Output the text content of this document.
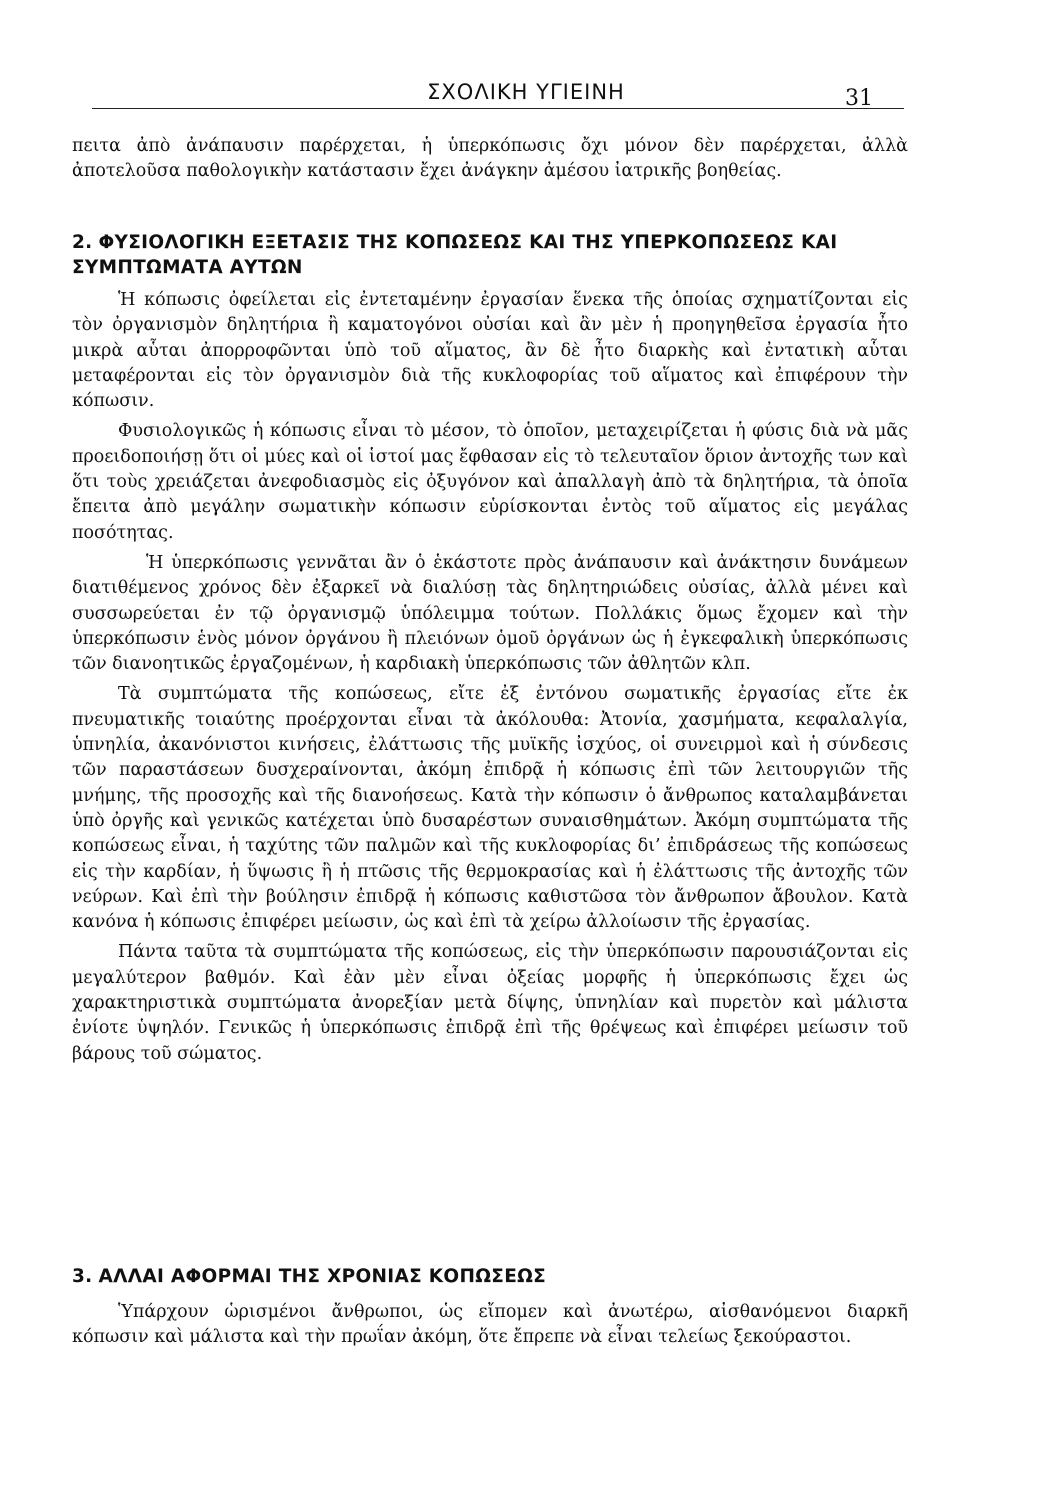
ΣΧΟΛΙΚΗ ΥΓΙΕΙΝΗ	31

πειτα ἀπὸ ἀνάπαυσιν παρέρχεται, ἡ ὑπερκόπωσις ὄχι μόνον δὲν παρέρχεται, ἀλλὰ ἀποτελοῦσα παθολογικὴν κατάστασιν ἔχει ἀνάγκην ἀμέσου ἰατρικῆς βοηθείας.

2. ΦΥΣΙΟΛΟΓΙΚΗ ΕΞΕΤΑΣΙΣ ΤΗΣ ΚΟΠΩΣΕΩΣ ΚΑΙ ΤΗΣ ΥΠΕΡΚΟΠΩΣΕΩΣ ΚΑΙ ΣΥΜΠΤΩΜΑΤΑ ΑΥΤΩΝ

Ἡ κόπωσις ὀφείλεται εἰς ἐντεταμένην ἐργασίαν ἕνεκα τῆς ὁποίας σχηματίζονται εἰς τὸν ὀργανισμὸν δηλητήρια ἢ καματογόνοι οὐσίαι καὶ ἂν μὲν ἡ προηγηθεῖσα ἐργασία ἦτο μικρὰ αὗται ἀπορροφῶνται ὑπὸ τοῦ αἵματος, ἂν δὲ ἦτο διαρκὴς καὶ ἐντατικὴ αὗται μεταφέρονται εἰς τὸν ὀργανισμὸν διὰ τῆς κυκλοφορίας τοῦ αἵματος καὶ ἐπιφέρουν τὴν κόπωσιν.

Φυσιολογικῶς ἡ κόπωσις εἶναι τὸ μέσον, τὸ ὁποῖον, μεταχειρίζεται ἡ φύσις διὰ νὰ μᾶς προειδοποιήσῃ ὅτι οἱ μύες καὶ οἱ ἱστοί μας ἔφθασαν εἰς τὸ τελευταῖον ὅριον ἀντοχῆς των καὶ ὅτι τοὺς χρειάζεται ἀνεφοδιασμὸς εἰς ὀξυγόνον καὶ ἀπαλλαγὴ ἀπὸ τὰ δηλητήρια, τὰ ὁποῖα ἔπειτα ἀπὸ μεγάλην σωματικὴν κόπωσιν εὑρίσκονται ἐντὸς τοῦ αἵματος εἰς μεγάλας ποσότητας.

Ἡ ὑπερκόπωσις γεννᾶται ἂν ὁ ἑκάστοτε πρὸς ἀνάπαυσιν καὶ ἀνάκτησιν δυνάμεων διατιθέμενος χρόνος δὲν ἐξαρκεῖ νὰ διαλύσῃ τὰς δηλητηριώδεις οὐσίας, ἀλλὰ μένει καὶ συσσωρεύεται ἐν τῷ ὀργανισμῷ ὑπόλειμμα τούτων. Πολλάκις ὅμως ἔχομεν καὶ τὴν ὑπερκόπωσιν ἑνὸς μόνον ὀργάνου ἢ πλειόνων ὁμοῦ ὀργάνων ὡς ἡ ἐγκεφαλικὴ ὑπερκόπωσις τῶν διανοητικῶς ἐργαζομένων, ἡ καρδιακὴ ὑπερκόπωσις τῶν ἀθλητῶν κλπ.

Τὰ συμπτώματα τῆς κοπώσεως, εἴτε ἐξ ἐντόνου σωματικῆς ἐργασίας εἴτε ἐκ πνευματικῆς τοιαύτης προέρχονται εἶναι τὰ ἀκόλουθα: Ἀτονία, χασμήματα, κεφαλαλγία, ὑπνηλία, ἀκανόνιστοι κινήσεις, ἐλάττωσις τῆς μυϊκῆς ἰσχύος, οἱ συνειρμοὶ καὶ ἡ σύνδεσις τῶν παραστάσεων δυσχεραίνονται, ἀκόμη ἐπιδρᾷ ἡ κόπωσις ἐπὶ τῶν λειτουργιῶν τῆς μνήμης, τῆς προσοχῆς καὶ τῆς διανοήσεως. Κατὰ τὴν κόπωσιν ὁ ἄνθρωπος καταλαμβάνεται ὑπὸ ὀργῆς καὶ γενικῶς κατέχεται ὑπὸ δυσαρέστων συναισθημάτων. Ἀκόμη συμπτώματα τῆς κοπώσεως εἶναι, ἡ ταχύτης τῶν παλμῶν καὶ τῆς κυκλοφορίας δι’ ἐπιδράσεως τῆς κοπώσεως εἰς τὴν καρδίαν, ἡ ὕψωσις ἢ ἡ πτῶσις τῆς θερμοκρασίας καὶ ἡ ἐλάττωσις τῆς ἀντοχῆς τῶν νεύρων. Καὶ ἐπὶ τὴν βούλησιν ἐπιδρᾷ ἡ κόπωσις καθιστῶσα τὸν ἄνθρωπον ἄβουλον. Κατὰ κανόνα ἡ κόπωσις ἐπιφέρει μείωσιν, ὡς καὶ ἐπὶ τὰ χείρω ἀλλοίωσιν τῆς ἐργασίας.

Πάντα ταῦτα τὰ συμπτώματα τῆς κοπώσεως, εἰς τὴν ὑπερκόπωσιν παρουσιάζονται εἰς μεγαλύτερον βαθμόν. Καὶ ἐὰν μὲν εἶναι ὀξείας μορφῆς ἡ ὑπερκόπωσις ἔχει ὡς χαρακτηριστικὰ συμπτώματα ἀνορεξίαν μετὰ δίψης, ὑπνηλίαν καὶ πυρετὸν καὶ μάλιστα ἐνίοτε ὑψηλόν. Γενικῶς ἡ ὑπερκόπωσις ἐπιδρᾷ ἐπὶ τῆς θρέψεως καὶ ἐπιφέρει μείωσιν τοῦ βάρους τοῦ σώματος.

3. ΑΛΛΑΙ ΑΦΟΡΜΑΙ ΤΗΣ ΧΡΟΝΙΑΣ ΚΟΠΩΣΕΩΣ

Ὑπάρχουν ὡρισμένοι ἄνθρωποι, ὡς εἴπομεν καὶ ἀνωτέρω, αἰσθανόμενοι διαρκῆ κόπωσιν καὶ μάλιστα καὶ τὴν πρωΐαν ἀκόμη, ὅτε ἔπρεπε νὰ εἶναι τελείως ξεκούραστοι.
